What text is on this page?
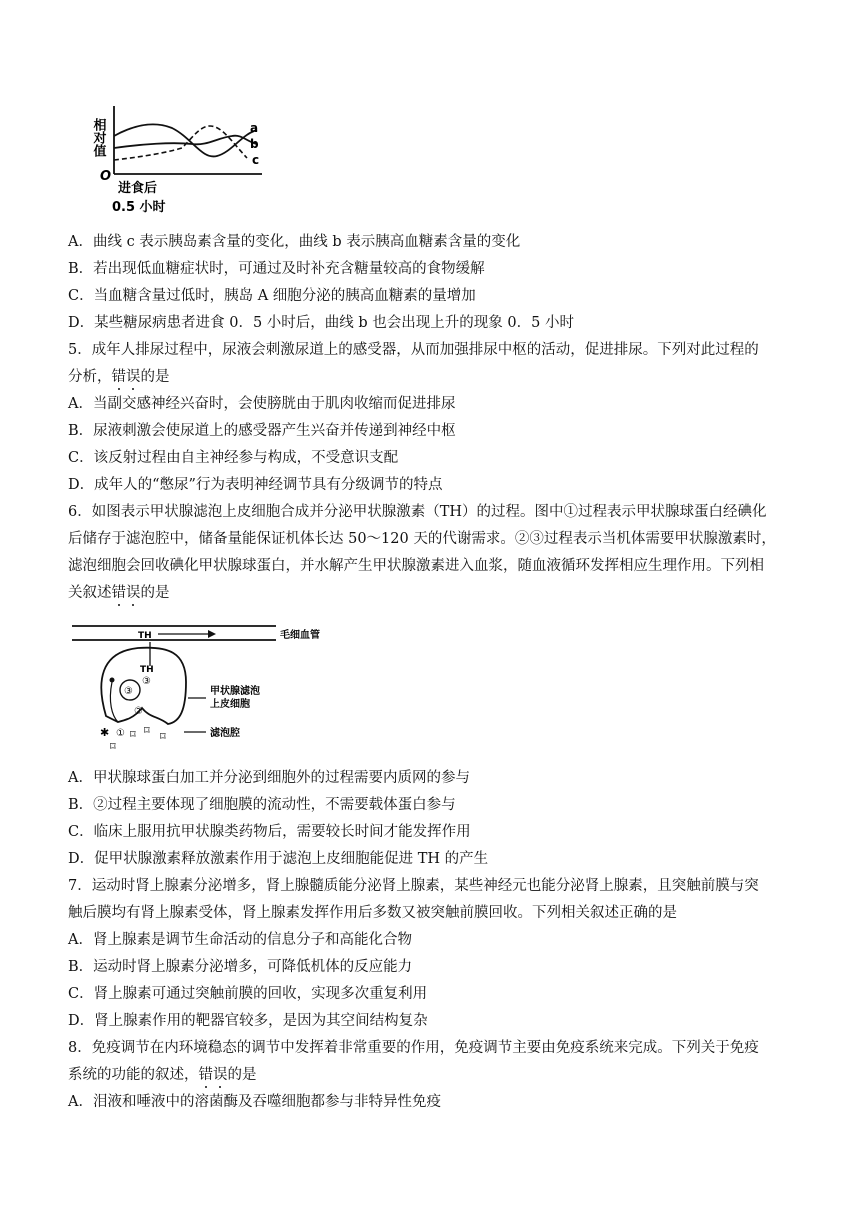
相对值	a
b
c
O
进食后
0.5 小时
A．曲线 c 表示胰岛素含量的变化，曲线 b 表示胰高血糖素含量的变化
B．若出现低血糖症状时，可通过及时补充含糖量较高的食物缓解
C．当血糖含量过低时，胰岛 A 细胞分泌的胰高血糖素的量增加
D．某些糖尿病患者进食 0．5 小时后，曲线 b 也会出现上升的现象 0．5 小时
5．成年人排尿过程中，尿液会刺激尿道上的感受器，从而加强排尿中枢的活动，促进排尿。下列对此过程的
分析，错误的是
A．当副交感神经兴奋时，会使膀胱由于肌肉收缩而促进排尿
B．尿液刺激会使尿道上的感受器产生兴奋并传递到神经中枢
C．该反射过程由自主神经参与构成，不受意识支配
D．成年人的“憋尿”行为表明神经调节具有分级调节的特点
6．如图表示甲状腺滤泡上皮细胞合成并分泌甲状腺激素（TH）的过程。图中①过程表示甲状腺球蛋白经碘化
后储存于滤泡腔中，储备量能保证机体长达 50～120 天的代谢需求。②③过程表示当机体需要甲状腺激素时，
滤泡细胞会回收碘化甲状腺球蛋白，并水解产生甲状腺激素进入血浆，随血液循环发挥相应生理作用。下列相
关叙述错误的是
TH	毛细血管
TH
③
③
②
①
✱ ⌑ ⌑ ⌑
⌑
甲状腺滤泡
上皮细胞
滤泡腔
A．甲状腺球蛋白加工并分泌到细胞外的过程需要内质网的参与
B．②过程主要体现了细胞膜的流动性，不需要载体蛋白参与
C．临床上服用抗甲状腺类药物后，需要较长时间才能发挥作用
D．促甲状腺激素释放激素作用于滤泡上皮细胞能促进 TH 的产生
7．运动时肾上腺素分泌增多，肾上腺髓质能分泌肾上腺素，某些神经元也能分泌肾上腺素，且突触前膜与突
触后膜均有肾上腺素受体，肾上腺素发挥作用后多数又被突触前膜回收。下列相关叙述正确的是
A．肾上腺素是调节生命活动的信息分子和高能化合物
B．运动时肾上腺素分泌增多，可降低机体的反应能力
C．肾上腺素可通过突触前膜的回收，实现多次重复利用
D．肾上腺素作用的靶器官较多，是因为其空间结构复杂
8．免疫调节在内环境稳态的调节中发挥着非常重要的作用，免疫调节主要由免疫系统来完成。下列关于免疫
系统的功能的叙述，错误的是
A．泪液和唾液中的溶菌酶及吞噬细胞都参与非特异性免疫
